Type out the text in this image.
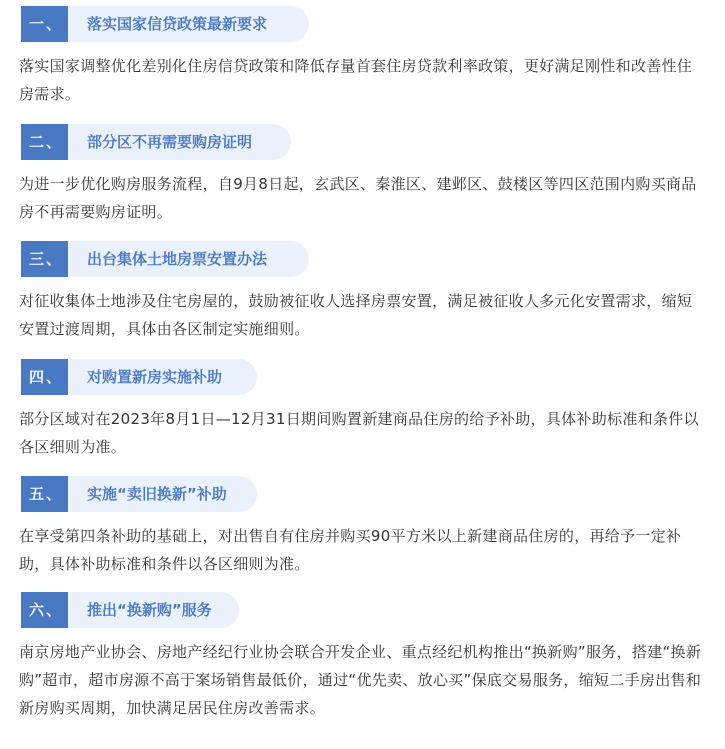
一、	落实国家信贷政策最新要求
落实国家调整优化差别化住房信贷政策和降低存量首套住房贷款利率政策，更好满足刚性和改善性住房需求。
二、	部分区不再需要购房证明
为进一步优化购房服务流程，自9月8日起，玄武区、秦淮区、建邺区、鼓楼区等四区范围内购买商品房不再需要购房证明。
三、	出台集体土地房票安置办法
对征收集体土地涉及住宅房屋的，鼓励被征收人选择房票安置，满足被征收人多元化安置需求，缩短安置过渡周期，具体由各区制定实施细则。
四、	对购置新房实施补助
部分区域对在2023年8月1日—12月31日期间购置新建商品住房的给予补助，具体补助标准和条件以各区细则为准。
五、	实施“卖旧换新”补助
在享受第四条补助的基础上，对出售自有住房并购买90平方米以上新建商品住房的，再给予一定补助，具体补助标准和条件以各区细则为准。
六、	推出“换新购”服务
南京房地产业协会、房地产经纪行业协会联合开发企业、重点经纪机构推出“换新购”服务，搭建“换新购”超市，超市房源不高于案场销售最低价，通过“优先卖、放心买”保底交易服务，缩短二手房出售和新房购买周期，加快满足居民住房改善需求。
